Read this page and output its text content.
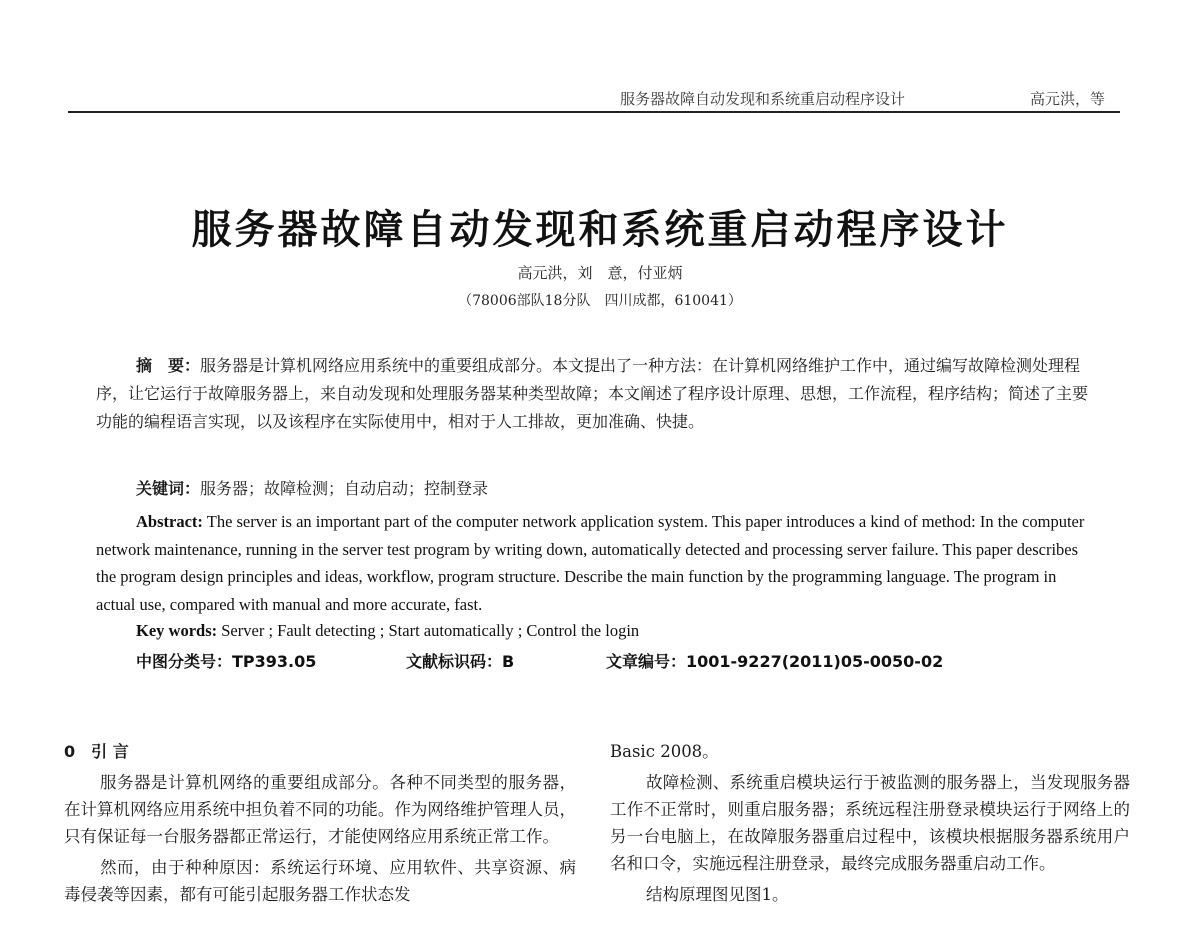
服务器故障自动发现和系统重启动程序设计	高元洪，等
服务器故障自动发现和系统重启动程序设计
高元洪，刘　意，付亚炳
（78006部队18分队　四川成都，610041）
摘　要：服务器是计算机网络应用系统中的重要组成部分。本文提出了一种方法：在计算机网络维护工作中，通过编写故障检测处理程序，让它运行于故障服务器上，来自动发现和处理服务器某种类型故障；本文阐述了程序设计原理、思想，工作流程，程序结构；简述了主要功能的编程语言实现，以及该程序在实际使用中，相对于人工排故，更加准确、快捷。
关键词：服务器；故障检测；自动启动；控制登录
Abstract: The server is an important part of the computer network application system. This paper introduces a kind of method: In the computer network maintenance, running in the server test program by writing down, automatically detected and processing server failure. This paper describes the program design principles and ideas, workflow, program structure. Describe the main function by the programming language. The program in actual use, compared with manual and more accurate, fast.
Key words: Server ; Fault detecting ; Start automatically ; Control the login
中图分类号：TP393.05	文献标识码：B	文章编号：1001-9227(2011)05-0050-02
0　引 言

服务器是计算机网络的重要组成部分。各种不同类型的服务器，在计算机网络应用系统中担负着不同的功能。作为网络维护管理人员，只有保证每一台服务器都正常运行，才能使网络应用系统正常工作。

然而，由于种种原因：系统运行环境、应用软件、共享资源、病毒侵袭等因素，都有可能引起服务器工作状态发

Basic 2008。

故障检测、系统重启模块运行于被监测的服务器上，当发现服务器工作不正常时，则重启服务器；系统远程注册登录模块运行于网络上的另一台电脑上，在故障服务器重启过程中，该模块根据服务器系统用户名和口令，实施远程注册登录，最终完成服务器重启动工作。

结构原理图见图1。
